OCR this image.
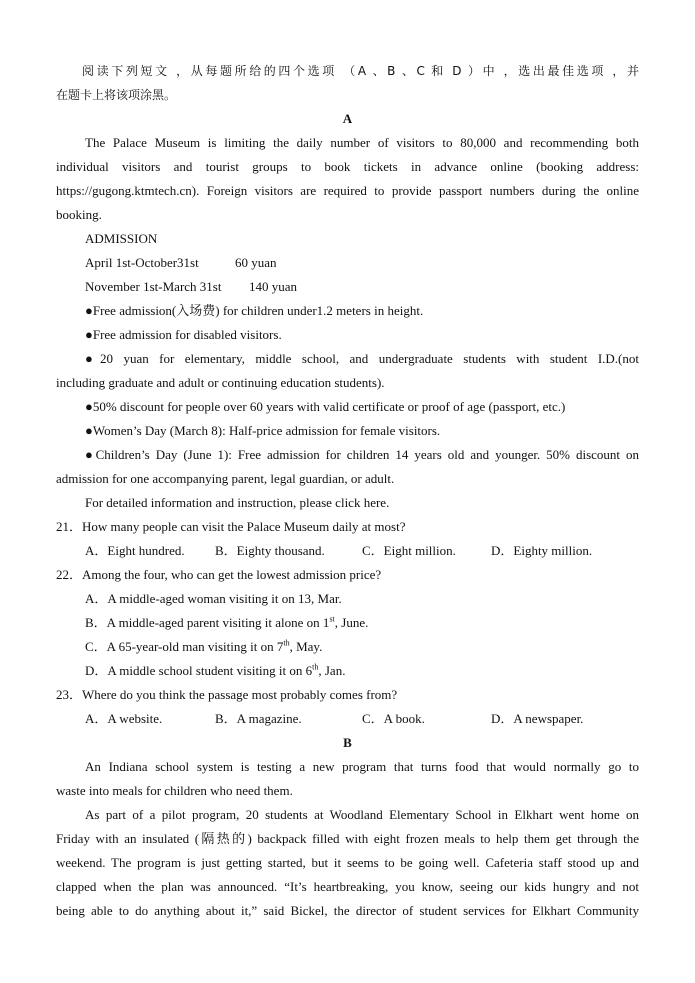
阅读下列短文 ，从每题所给的四个选项 （A 、B 、C 和 D ）中 ，选出最佳选项 ，并
在题卡上将该项涂黑。
A
The Palace Museum is limiting the daily number of visitors to 80,000 and recommending both
individual visitors and tourist groups to book tickets in advance online (booking address:
https://gugong.ktmtech.cn). Foreign visitors are required to provide passport numbers during the online
booking.
ADMISSION
April 1st-October31st	60 yuan
November 1st-March 31st 140 yuan
●Free admission(入场费) for children under1.2 meters in height.
●Free admission for disabled visitors.
●20 yuan for elementary, middle school, and undergraduate students with student I.D.(not
including graduate and adult or continuing education students).
●50% discount for people over 60 years with valid certificate or proof of age (passport, etc.)
●Women’s Day (March 8): Half-price admission for female visitors.
●Children’s Day (June 1): Free admission for children 14 years old and younger. 50% discount on
admission for one accompanying parent, legal guardian, or adult.
For detailed information and instruction, please click here.
21．How many people can visit the Palace Museum daily at most?
A．Eight hundred. B．Eighty thousand.	C．Eight million.	D．Eighty million.
22．Among the four, who can get the lowest admission price?
A．A middle-aged woman visiting it on 13, Mar.
B．A middle-aged parent visiting it alone on 1st, June.
C．A 65-year-old man visiting it on 7th, May.
D．A middle school student visiting it on 6th, Jan.
23．Where do you think the passage most probably comes from?
A．A website.	B．A magazine.	C．A book.	D．A newspaper.
B
An Indiana school system is testing a new program that turns food that would normally go to
waste into meals for children who need them.
As part of a pilot program, 20 students at Woodland Elementary School in Elkhart went home on
Friday with an insulated (隔热的) backpack filled with eight frozen meals to help them get through the
weekend. The program is just getting started, but it seems to be going well. Cafeteria staff stood up and
clapped when the plan was announced. “It’s heartbreaking, you know, seeing our kids hungry and not
being able to do anything about it,” said Bickel, the director of student services for Elkhart Community
